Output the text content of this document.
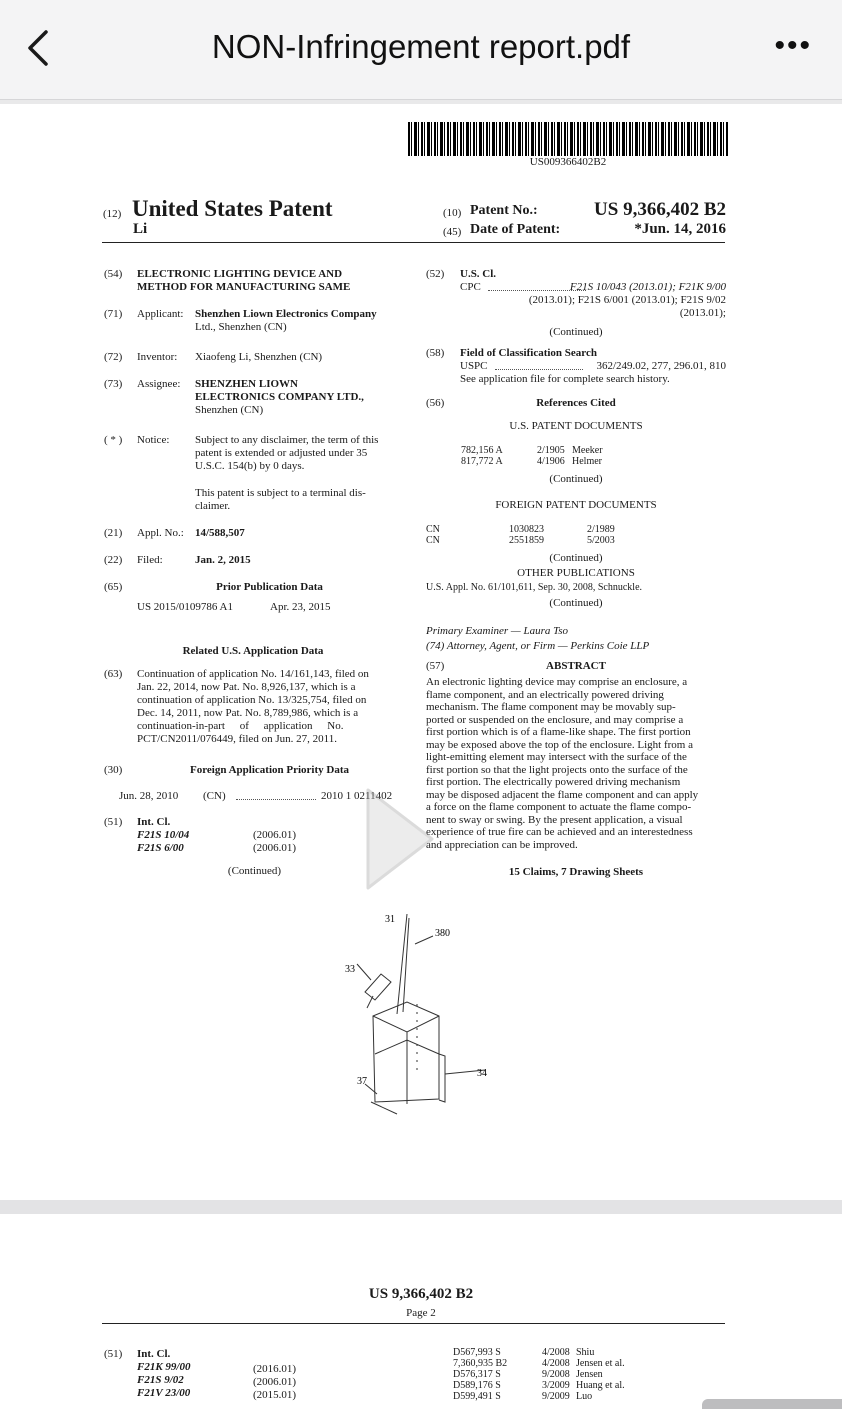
NON-Infringement report.pdf	•••
US009366402B2
(12) United States Patent
Li
(10) Patent No.:	US 9,366,402 B2
(45) Date of Patent:	*Jun. 14, 2016
(54) ELECTRONIC LIGHTING DEVICE AND
METHOD FOR MANUFACTURING SAME
(71) Applicant: Shenzhen Liown Electronics Company
Ltd., Shenzhen (CN)
(72) Inventor: Xiaofeng Li, Shenzhen (CN)
(73) Assignee: SHENZHEN LIOWN
ELECTRONICS COMPANY LTD.,
Shenzhen (CN)
( * ) Notice: Subject to any disclaimer, the term of this
patent is extended or adjusted under 35
U.S.C. 154(b) by 0 days.
This patent is subject to a terminal dis-
claimer.
(21) Appl. No.: 14/588,507
(22) Filed:	Jan. 2, 2015
(65)	Prior Publication Data
US 2015/0109786 A1	Apr. 23, 2015
Related U.S. Application Data
(63) Continuation of application No. 14/161,143, filed on
Jan. 22, 2014, now Pat. No. 8,926,137, which is a
continuation of application No. 13/325,754, filed on
Dec. 14, 2011, now Pat. No. 8,789,986, which is a
continuation-in-part of application No.
PCT/CN2011/076449, filed on Jun. 27, 2011.
(30)	Foreign Application Priority Data
Jun. 28, 2010 (CN)	2010 1 0211402
(51) Int. Cl.
F21S 10/04	(2006.01)
F21S 6/00	(2006.01)
(Continued)
(52) U.S. Cl.
CPC	F21S 10/043 (2013.01); F21K 9/00
(2013.01); F21S 6/001 (2013.01); F21S 9/02
(2013.01);
(Continued)
(58) Field of Classification Search
USPC	362/249.02, 277, 296.01, 810
See application file for complete search history.
(56)	References Cited
U.S. PATENT DOCUMENTS
782,156 A	2/1905 Meeker
817,772 A	4/1906 Helmer
(Continued)
FOREIGN PATENT DOCUMENTS
CN	1030823	2/1989
CN	2551859	5/2003
(Continued)
OTHER PUBLICATIONS
U.S. Appl. No. 61/101,611, Sep. 30, 2008, Schnuckle.
(Continued)
Primary Examiner — Laura Tso
(74) Attorney, Agent, or Firm — Perkins Coie LLP
(57)	ABSTRACT
An electronic lighting device may comprise an enclosure, a
flame component, and an electrically powered driving
mechanism. The flame component may be movably sup-
ported or suspended on the enclosure, and may comprise a
first portion which is of a flame-like shape. The first portion
may be exposed above the top of the enclosure. Light from a
light-emitting element may intersect with the surface of the
first portion so that the light projects onto the surface of the
first portion. The electrically powered driving mechanism
may be disposed adjacent the flame component and can apply
a force on the flame component to actuate the flame compo-
nent to sway or swing. By the present application, a visual
experience of true fire can be achieved and an interestedness
and appreciation can be improved.
15 Claims, 7 Drawing Sheets
31
380
33
34
37
US 9,366,402 B2
Page 2
(51) Int. Cl.
F21K 99/00	(2016.01)
F21S 9/02	(2006.01)
F21V 23/00	(2015.01)
D567,993 S	4/2008 Shiu
7,360,935 B2	4/2008 Jensen et al.
D576,317 S	9/2008 Jensen
D589,176 S	3/2009 Huang et al.
D599,491 S	9/2009 Luo
